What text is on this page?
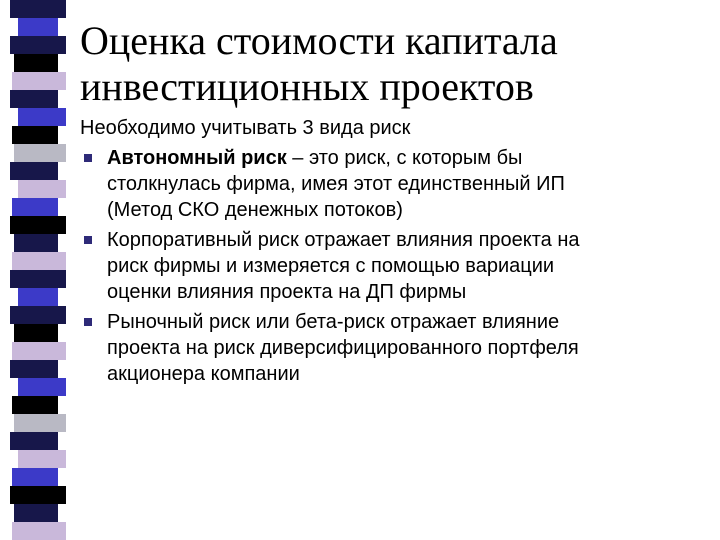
Оценка стоимости капитала
инвестиционных проектов

Необходимо учитывать 3 вида риск

Автономный риск – это риск, с которым бы
столкнулась фирма, имея этот единственный ИП
(Метод СКО денежных потоков)
Корпоративный риск отражает влияния проекта на
риск фирмы и измеряется с помощью вариации
оценки влияния проекта на ДП фирмы
Рыночный риск или бета-риск отражает влияние
проекта на риск диверсифицированного портфеля
акционера компании
